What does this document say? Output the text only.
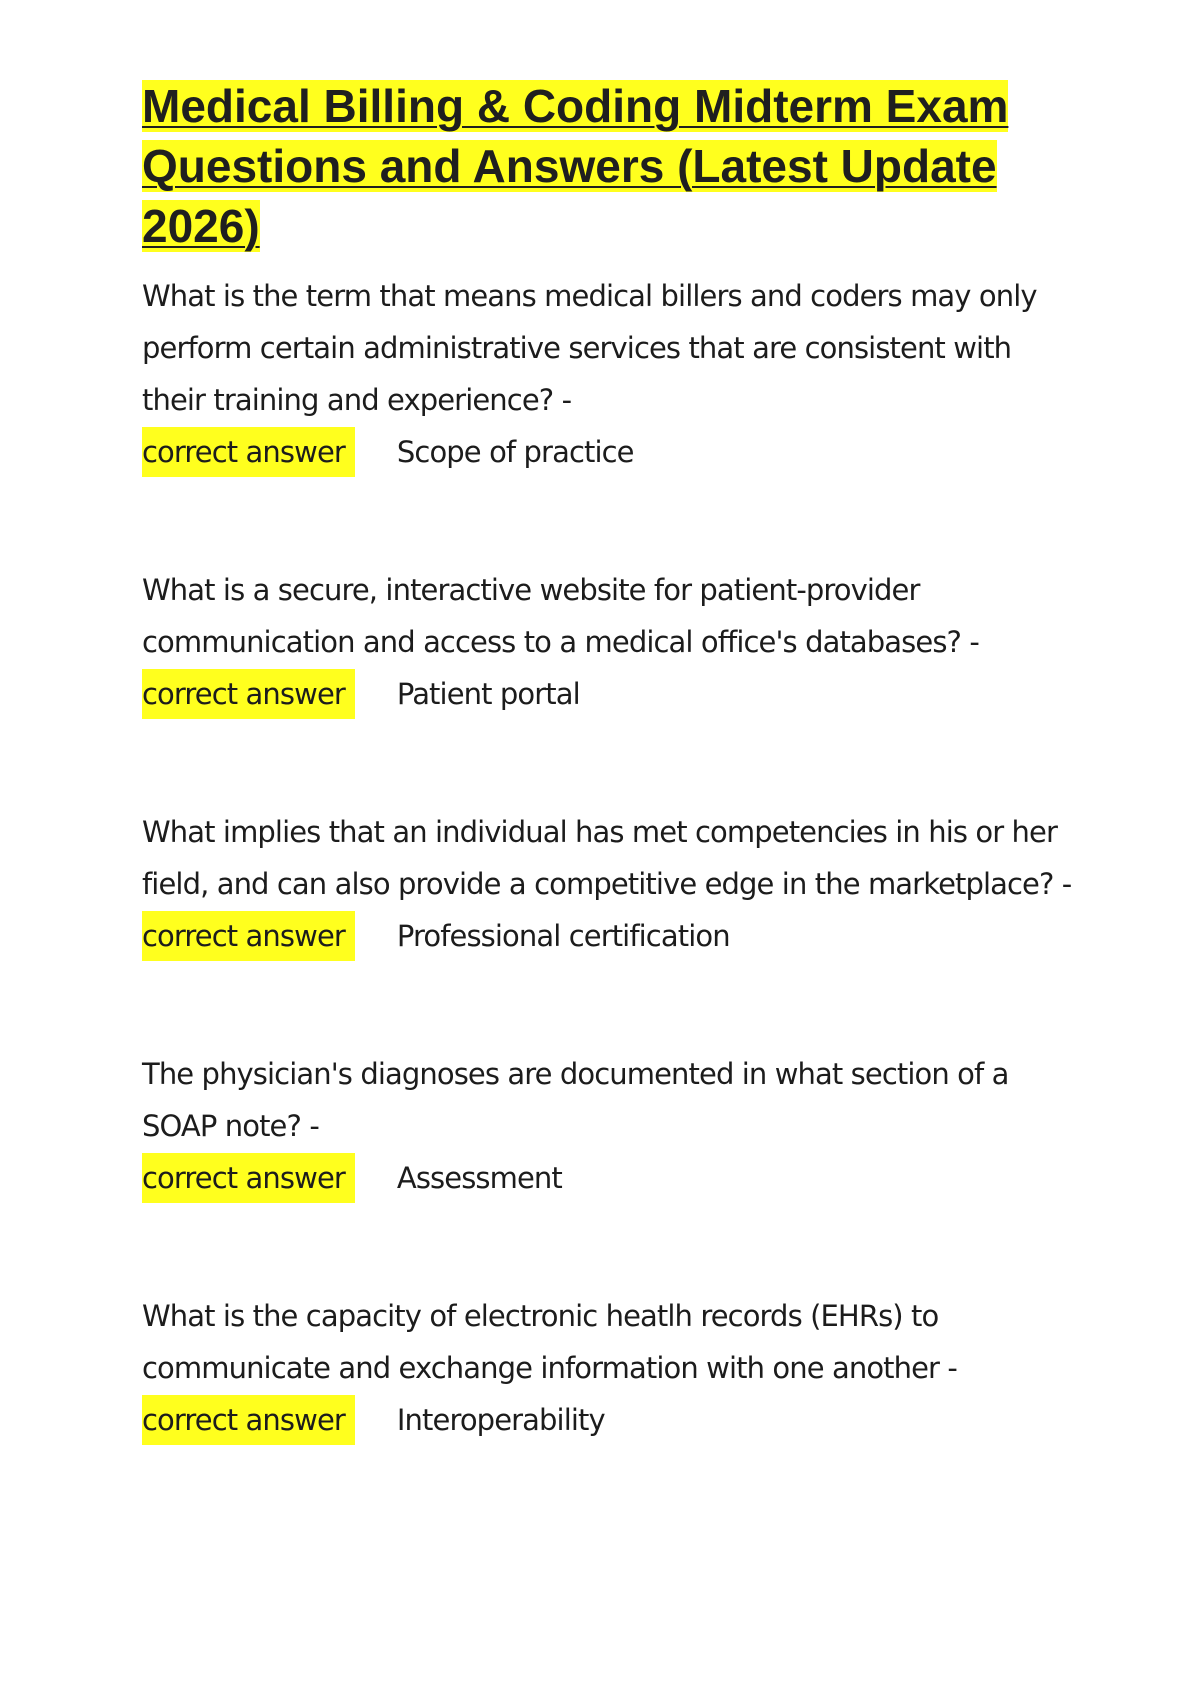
Medical Billing & Coding Midterm Exam Questions and Answers (Latest Update 2026)

What is the term that means medical billers and coders may only perform certain administrative services that are consistent with their training and experience? -

correct answer	Scope of practice

What is a secure, interactive website for patient-provider communication and access to a medical office's databases? -

correct answer	Patient portal

What implies that an individual has met competencies in his or her field, and can also provide a competitive edge in the marketplace? -

correct answer	Professional certification

The physician's diagnoses are documented in what section of a SOAP note? -

correct answer	Assessment

What is the capacity of electronic heatlh records (EHRs) to communicate and exchange information with one another -

correct answer	Interoperability
